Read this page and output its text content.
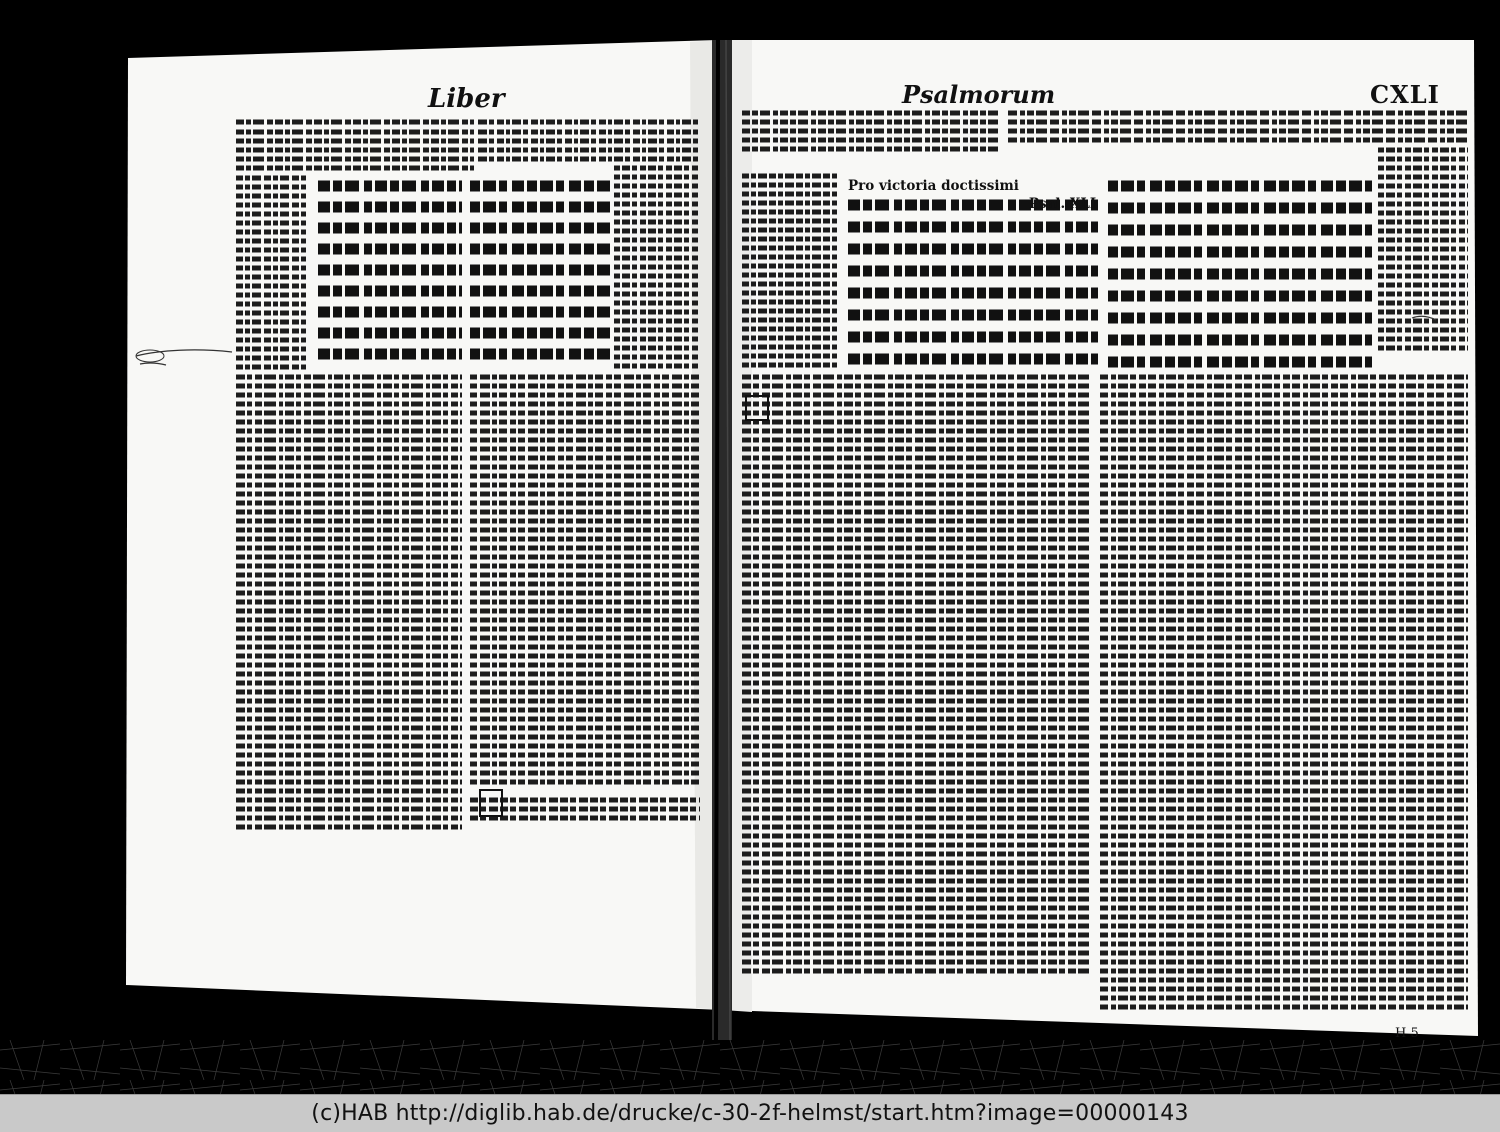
Liber	Psalmorum	CXLI
Pro victoria doctissimi
Psal. XLI
H 5
(c)HAB http://diglib.hab.de/drucke/c-30-2f-helmst/start.htm?image=00000143
